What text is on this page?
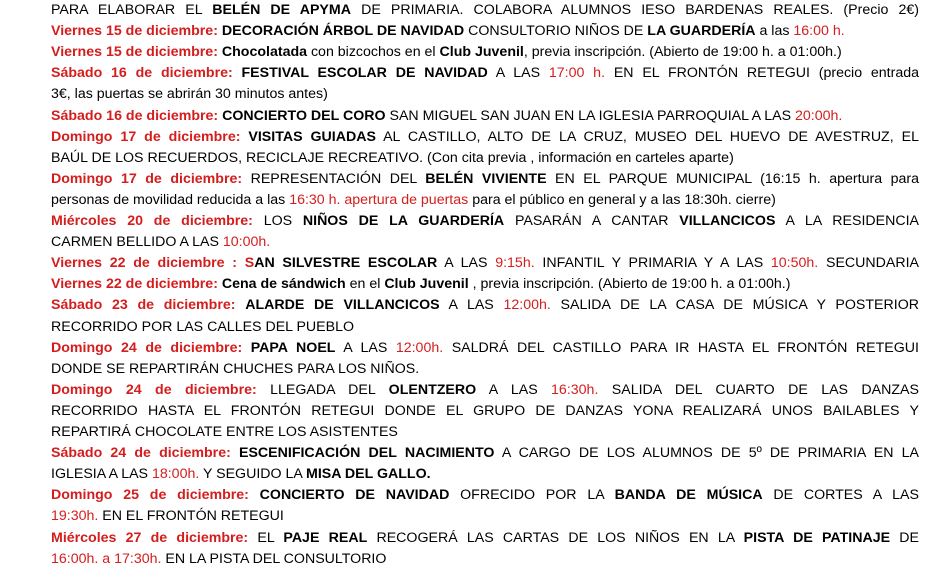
PARA ELABORAR EL BELÉN DE APYMA DE PRIMARIA. COLABORA ALUMNOS IESO BARDENAS REALES. (Precio 2€)
Viernes 15 de diciembre: DECORACIÓN ÁRBOL DE NAVIDAD CONSULTORIO NIÑOS DE LA GUARDERÍA a las 16:00 h.
Viernes 15 de diciembre: Chocolatada con bizcochos en el Club Juvenil, previa inscripción. (Abierto de 19:00 h. a 01:00h.)
Sábado 16 de diciembre: FESTIVAL ESCOLAR DE NAVIDAD A LAS 17:00 h. EN EL FRONTÓN RETEGUI (precio entrada
3€, las puertas se abrirán 30 minutos antes)
Sábado 16 de diciembre: CONCIERTO DEL CORO SAN MIGUEL SAN JUAN EN LA IGLESIA PARROQUIAL A LAS 20:00h.
Domingo 17 de diciembre: VISITAS GUIADAS AL CASTILLO, ALTO DE LA CRUZ, MUSEO DEL HUEVO DE AVESTRUZ, EL
BAÚL DE LOS RECUERDOS, RECICLAJE RECREATIVO. (Con cita previa , información en carteles aparte)
Domingo 17 de diciembre: REPRESENTACIÓN DEL BELÉN VIVIENTE EN EL PARQUE MUNICIPAL (16:15 h. apertura para
personas de movilidad reducida a las 16:30 h. apertura de puertas para el público en general y a las 18:30h. cierre)
Miércoles 20 de diciembre: LOS NIÑOS DE LA GUARDERÍA PASARÁN A CANTAR VILLANCICOS A LA RESIDENCIA
CARMEN BELLIDO A LAS 10:00h.
Viernes 22 de diciembre : SAN SILVESTRE ESCOLAR A LAS 9:15h. INFANTIL Y PRIMARIA Y A LAS 10:50h. SECUNDARIA
Viernes 22 de diciembre: Cena de sándwich en el Club Juvenil , previa inscripción. (Abierto de 19:00 h. a 01:00h.)
Sábado 23 de diciembre: ALARDE DE VILLANCICOS A LAS 12:00h. SALIDA DE LA CASA DE MÚSICA Y POSTERIOR
RECORRIDO POR LAS CALLES DEL PUEBLO
Domingo 24 de diciembre: PAPA NOEL A LAS 12:00h. SALDRÁ DEL CASTILLO PARA IR HASTA EL FRONTÓN RETEGUI
DONDE SE REPARTIRÁN CHUCHES PARA LOS NIÑOS.
Domingo 24 de diciembre: LLEGADA DEL OLENTZERO A LAS 16:30h. SALIDA DEL CUARTO DE LAS DANZAS
RECORRIDO HASTA EL FRONTÓN RETEGUI DONDE EL GRUPO DE DANZAS YONA REALIZARÁ UNOS BAILABLES Y
REPARTIRÁ CHOCOLATE ENTRE LOS ASISTENTES
Sábado 24 de diciembre: ESCENIFICACIÓN DEL NACIMIENTO A CARGO DE LOS ALUMNOS DE 5º DE PRIMARIA EN LA
IGLESIA A LAS 18:00h. Y SEGUIDO LA MISA DEL GALLO.
Domingo 25 de diciembre: CONCIERTO DE NAVIDAD OFRECIDO POR LA BANDA DE MÚSICA DE CORTES A LAS
19:30h. EN EL FRONTÓN RETEGUI
Miércoles 27 de diciembre: EL PAJE REAL RECOGERÁ LAS CARTAS DE LOS NIÑOS EN LA PISTA DE PATINAJE DE
16:00h. a 17:30h. EN LA PISTA DEL CONSULTORIO
